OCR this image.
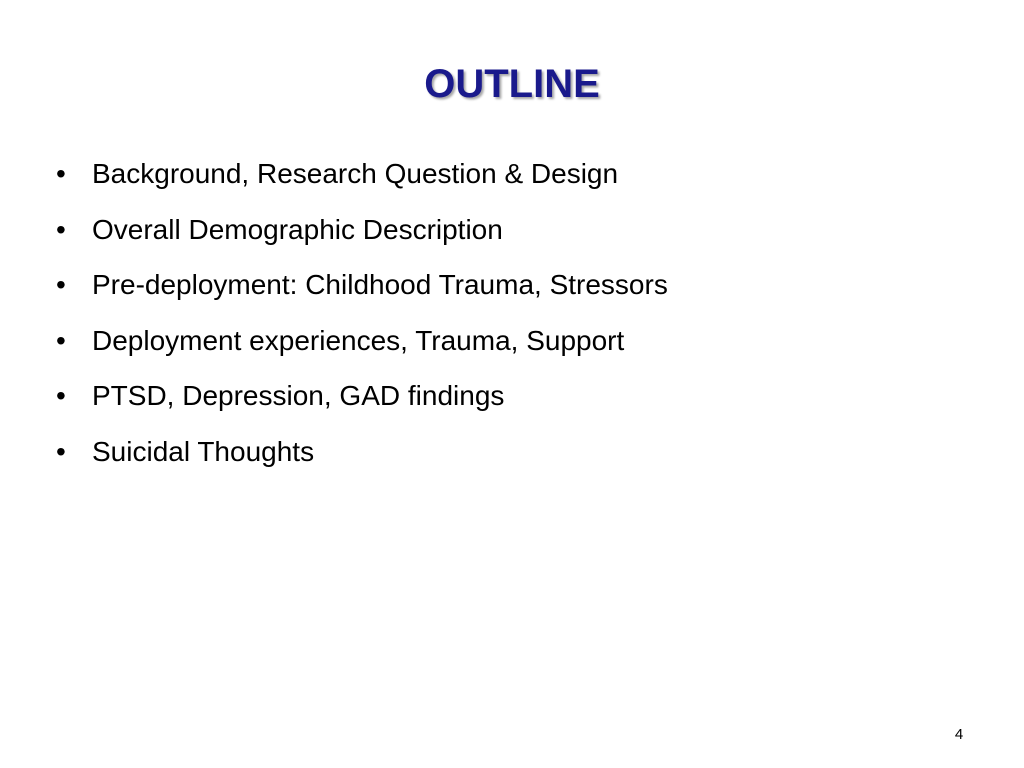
OUTLINE
• Background, Research Question & Design
• Overall Demographic Description
• Pre-deployment: Childhood Trauma, Stressors
• Deployment experiences, Trauma, Support
• PTSD, Depression, GAD findings
• Suicidal Thoughts
4
